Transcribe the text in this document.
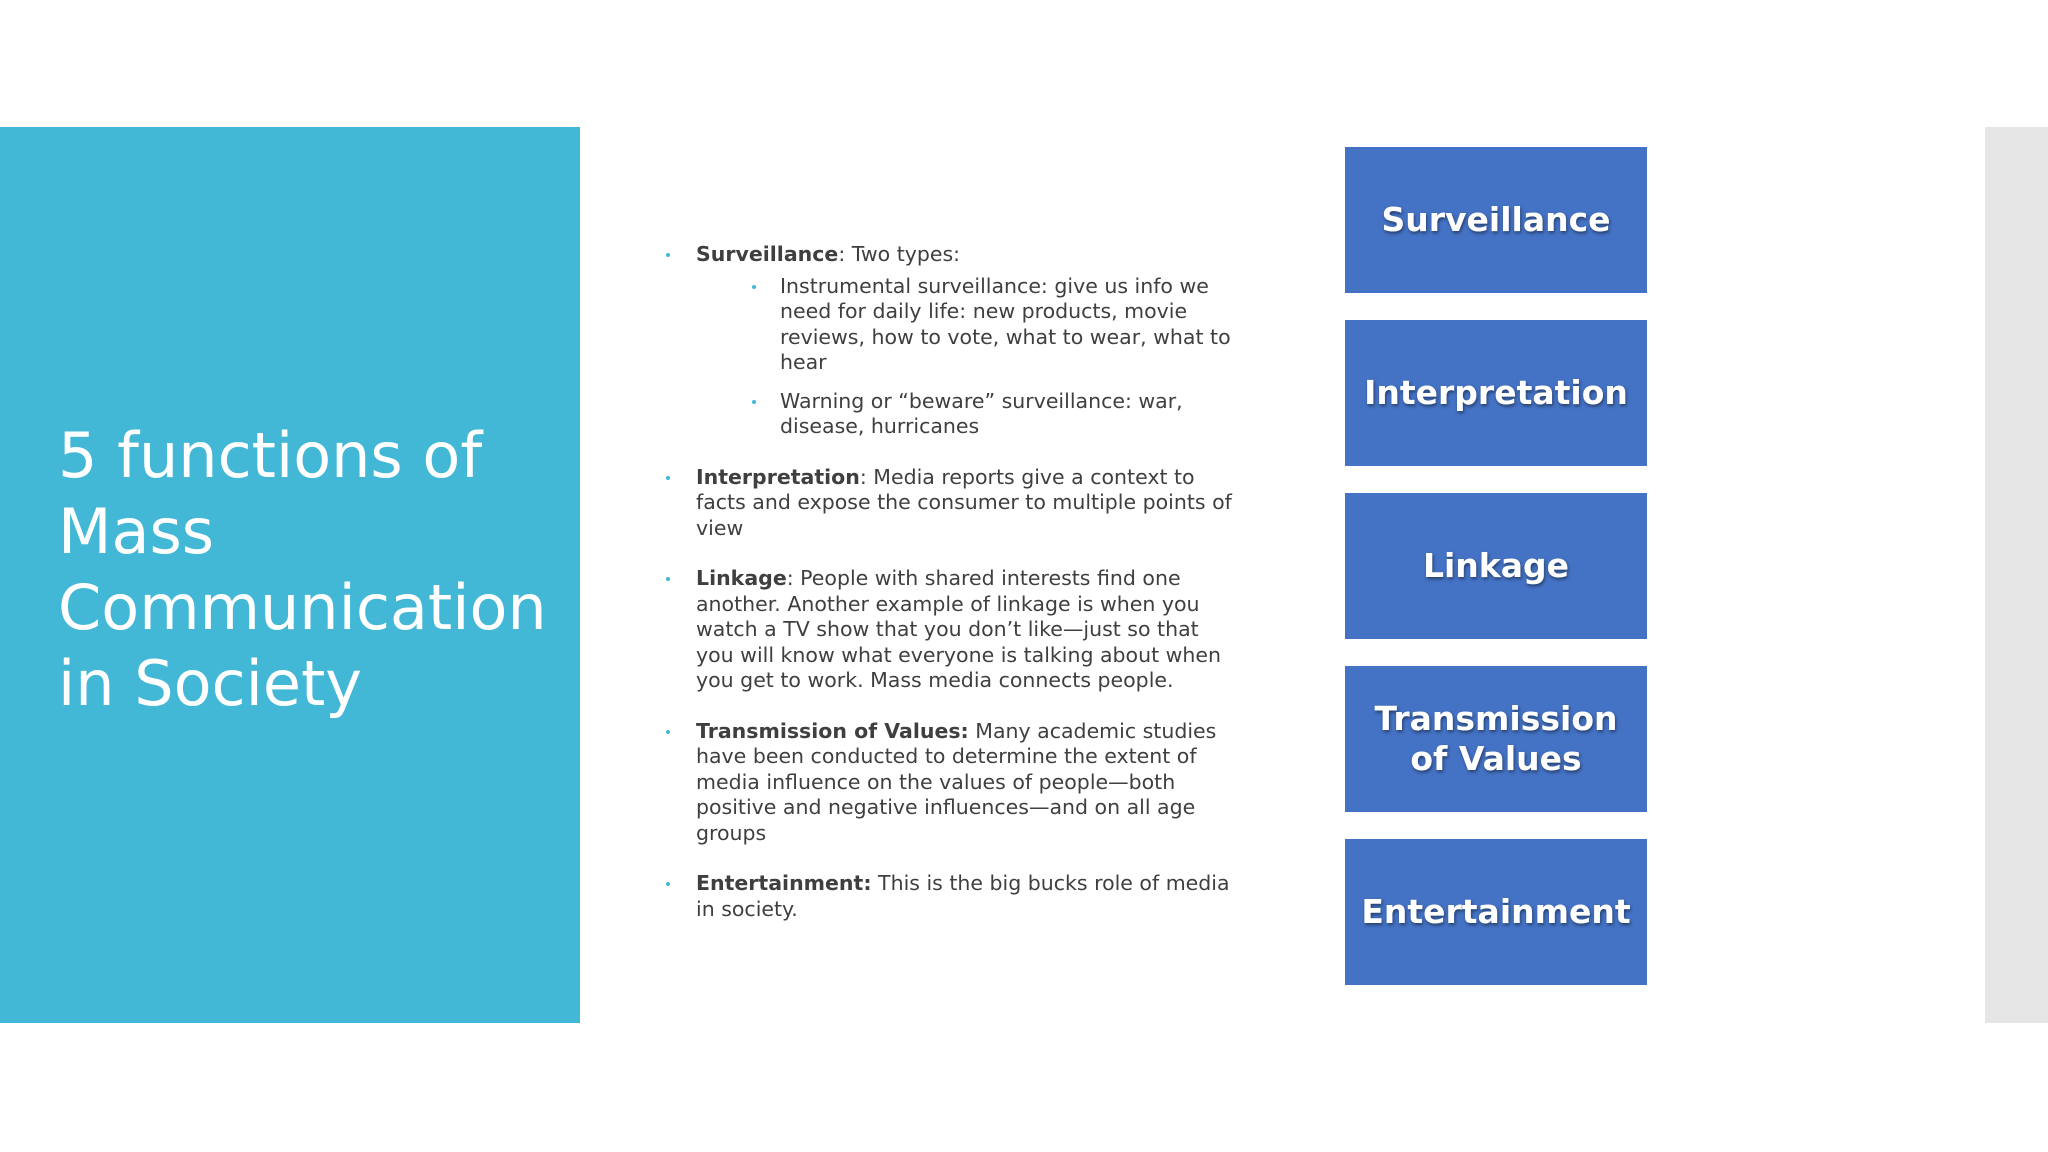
5 functions of Mass Communication in Society
Surveillance: Two types:
Instrumental surveillance: give us info we need for daily life: new products, movie reviews, how to vote, what to wear, what to hear
Warning or “beware” surveillance: war, disease, hurricanes
Interpretation: Media reports give a context to facts and expose the consumer to multiple points of view
Linkage: People with shared interests find one another. Another example of linkage is when you watch a TV show that you don’t like—just so that you will know what everyone is talking about when you get to work. Mass media connects people.
Transmission of Values: Many academic studies have been conducted to determine the extent of media influence on the values of people—both positive and negative influences—and on all age groups
Entertainment: This is the big bucks role of media in society.
Surveillance
Interpretation
Linkage
Transmission of Values
Entertainment
